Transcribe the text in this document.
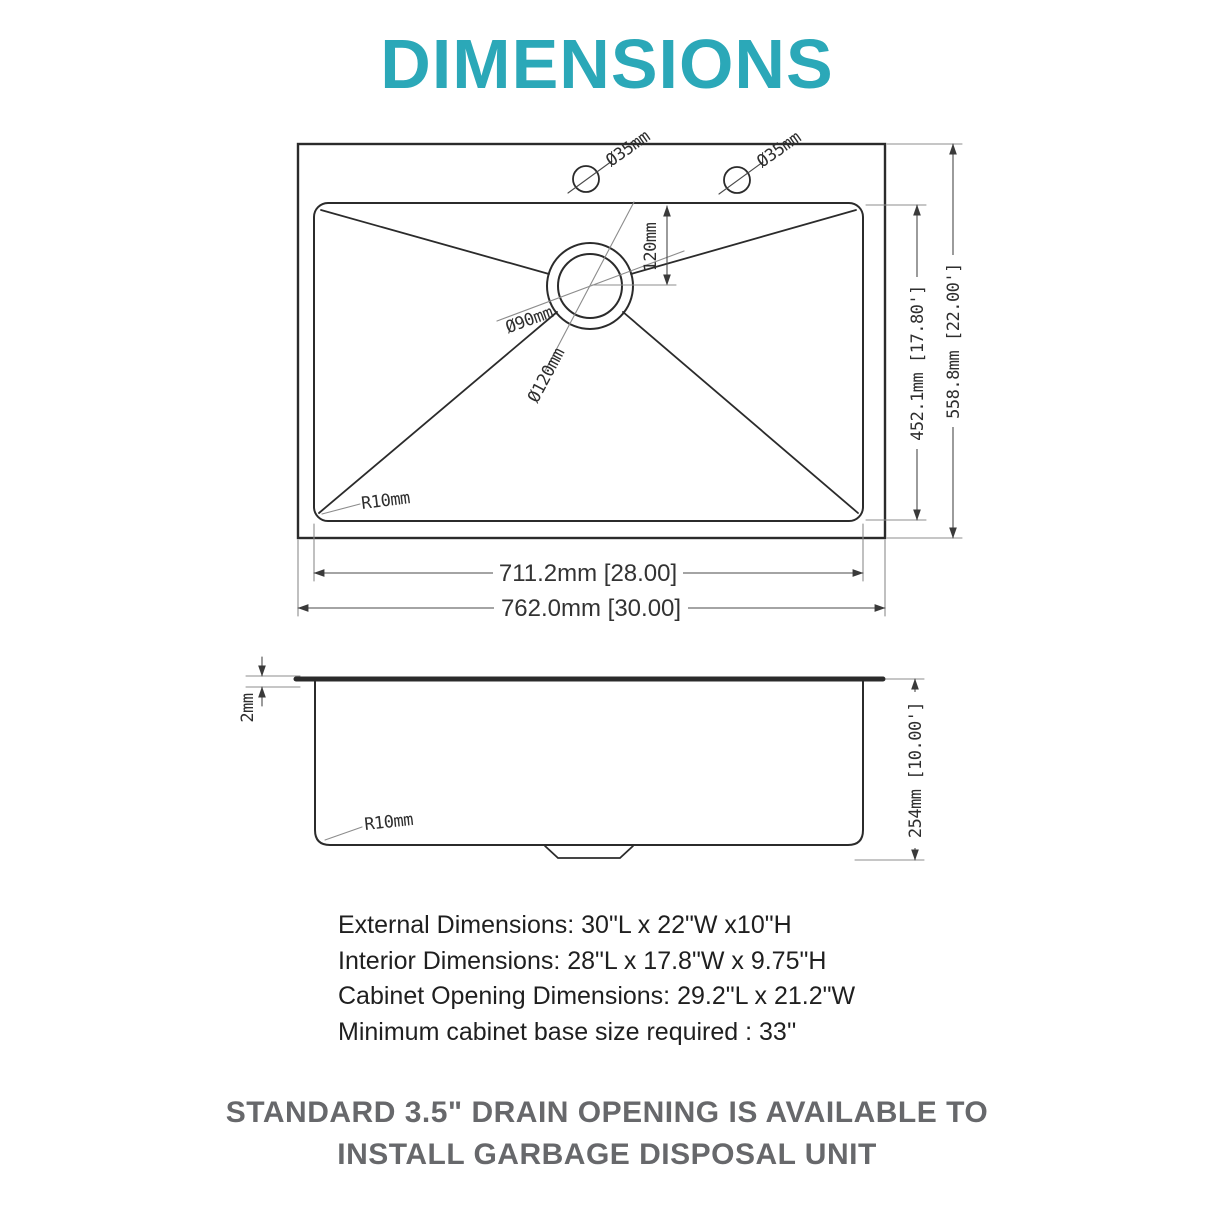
DIMENSIONS
Ø90mm
Ø120mm
Ø35mm	Ø35mm
120mm
R10mm
711.2mm [28.00]
762.0mm [30.00]
452.1mm [17.80'] 558.8mm [22.00']
2mm
R10mm	254mm [10.00']
External Dimensions: 30"L x 22"W x10"H
Interior Dimensions: 28"L x 17.8"W x 9.75"H
Cabinet Opening Dimensions: 29.2"L x 21.2"W
Minimum cabinet base size required : 33''
STANDARD 3.5" DRAIN OPENING IS AVAILABLE TO
INSTALL GARBAGE DISPOSAL UNIT
